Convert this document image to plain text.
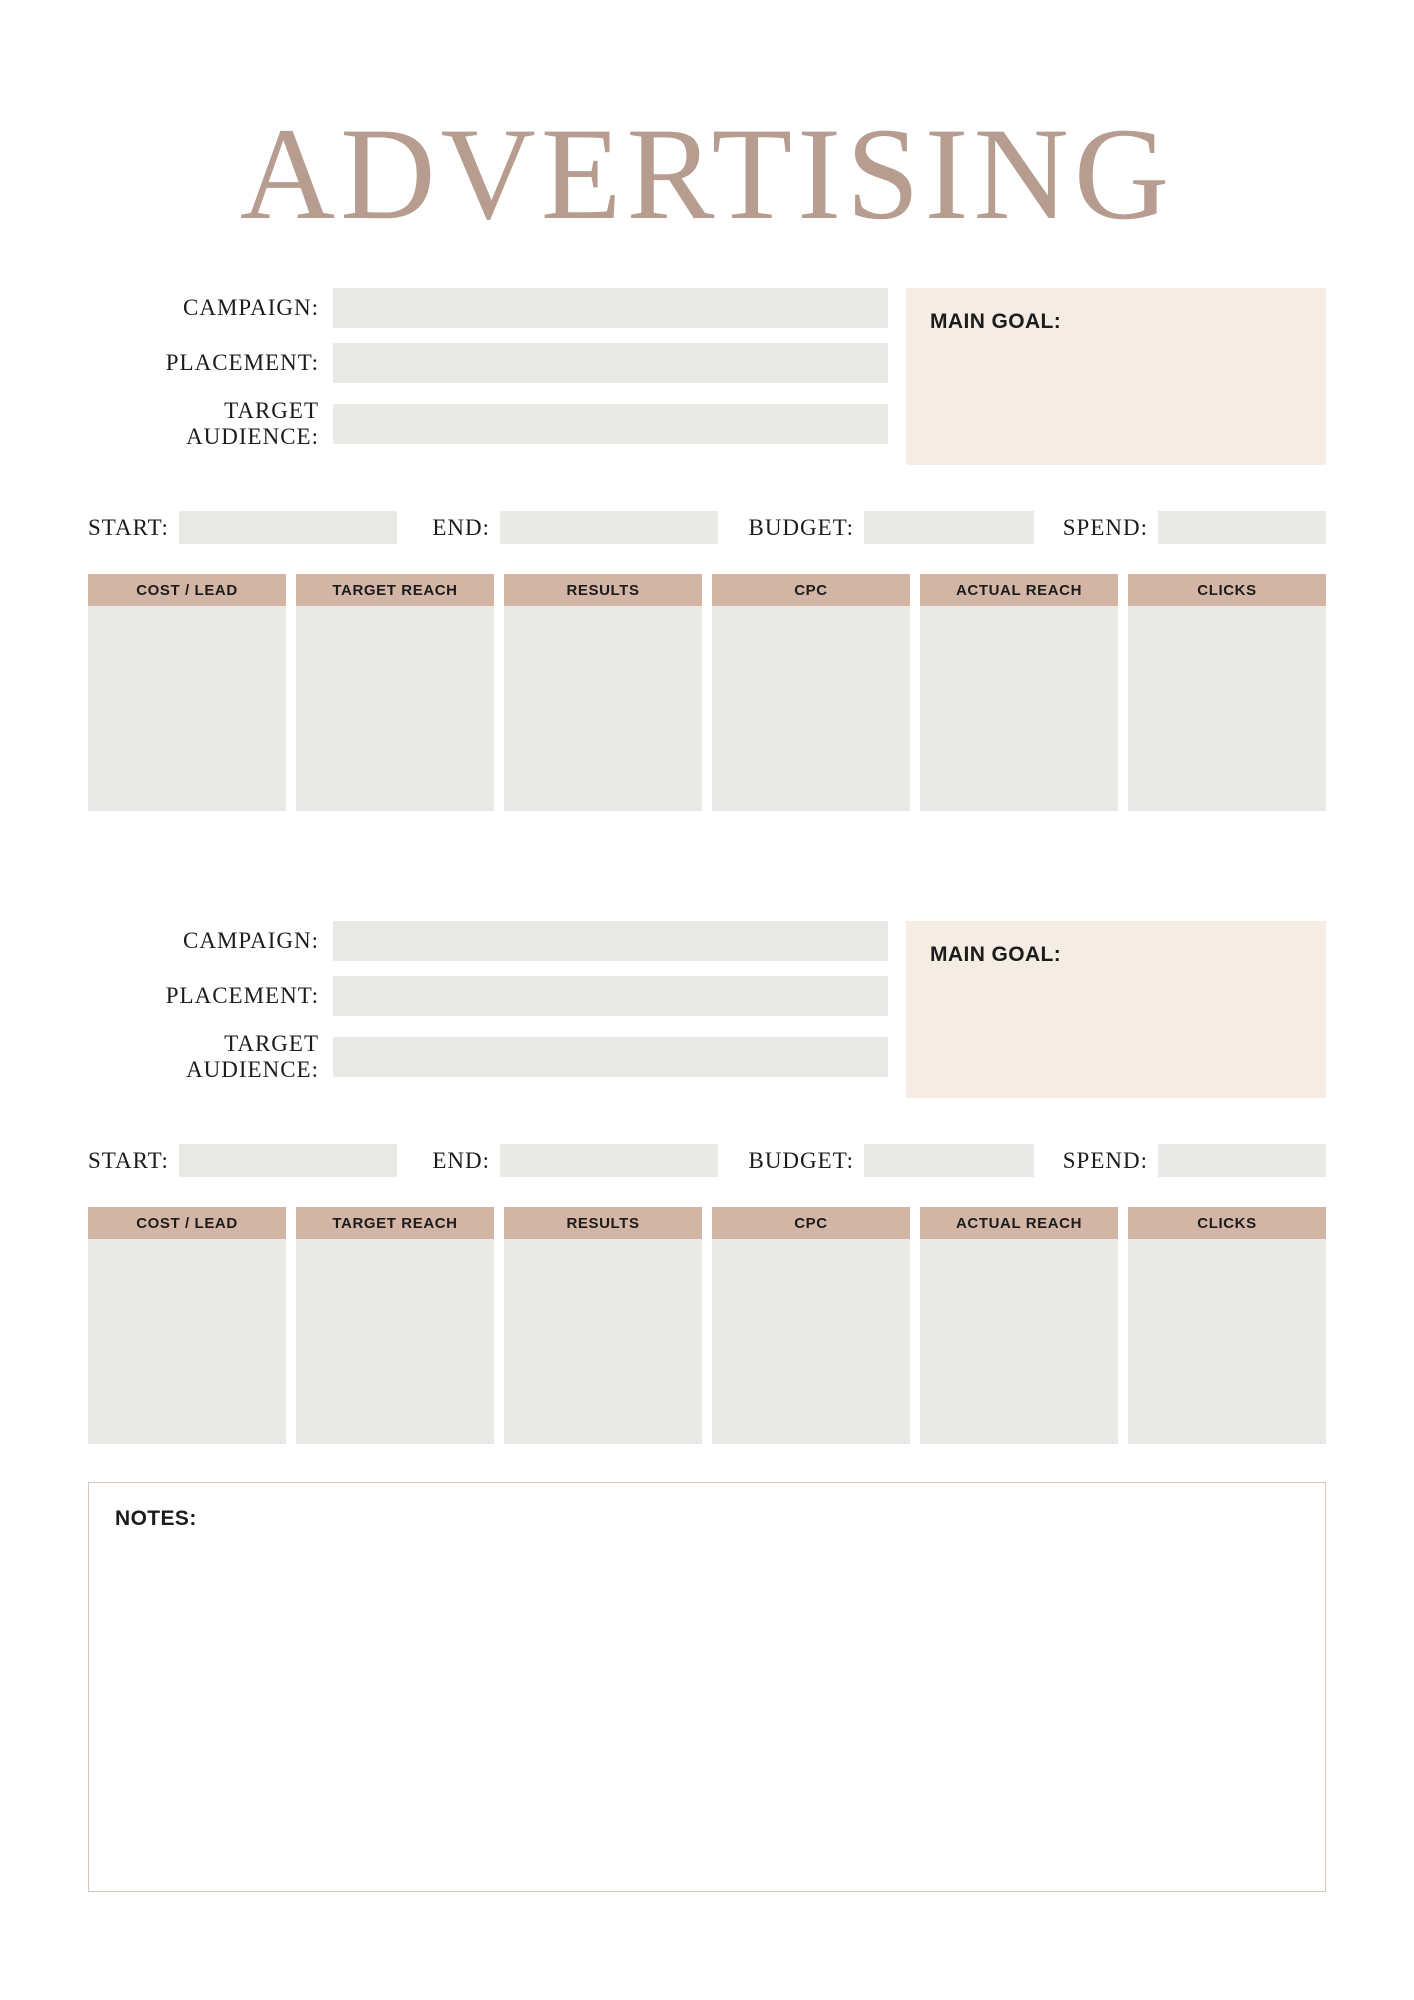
ADVERTISING
CAMPAIGN:
PLACEMENT:
TARGET AUDIENCE:
MAIN GOAL:
START:	END:	BUDGET:	SPEND:
COST / LEAD	TARGET REACH	RESULTS	CPC	ACTUAL REACH	CLICKS
CAMPAIGN:
PLACEMENT:
TARGET AUDIENCE:
MAIN GOAL:
START:	END:	BUDGET:	SPEND:
COST / LEAD	TARGET REACH	RESULTS	CPC	ACTUAL REACH	CLICKS
NOTES:
